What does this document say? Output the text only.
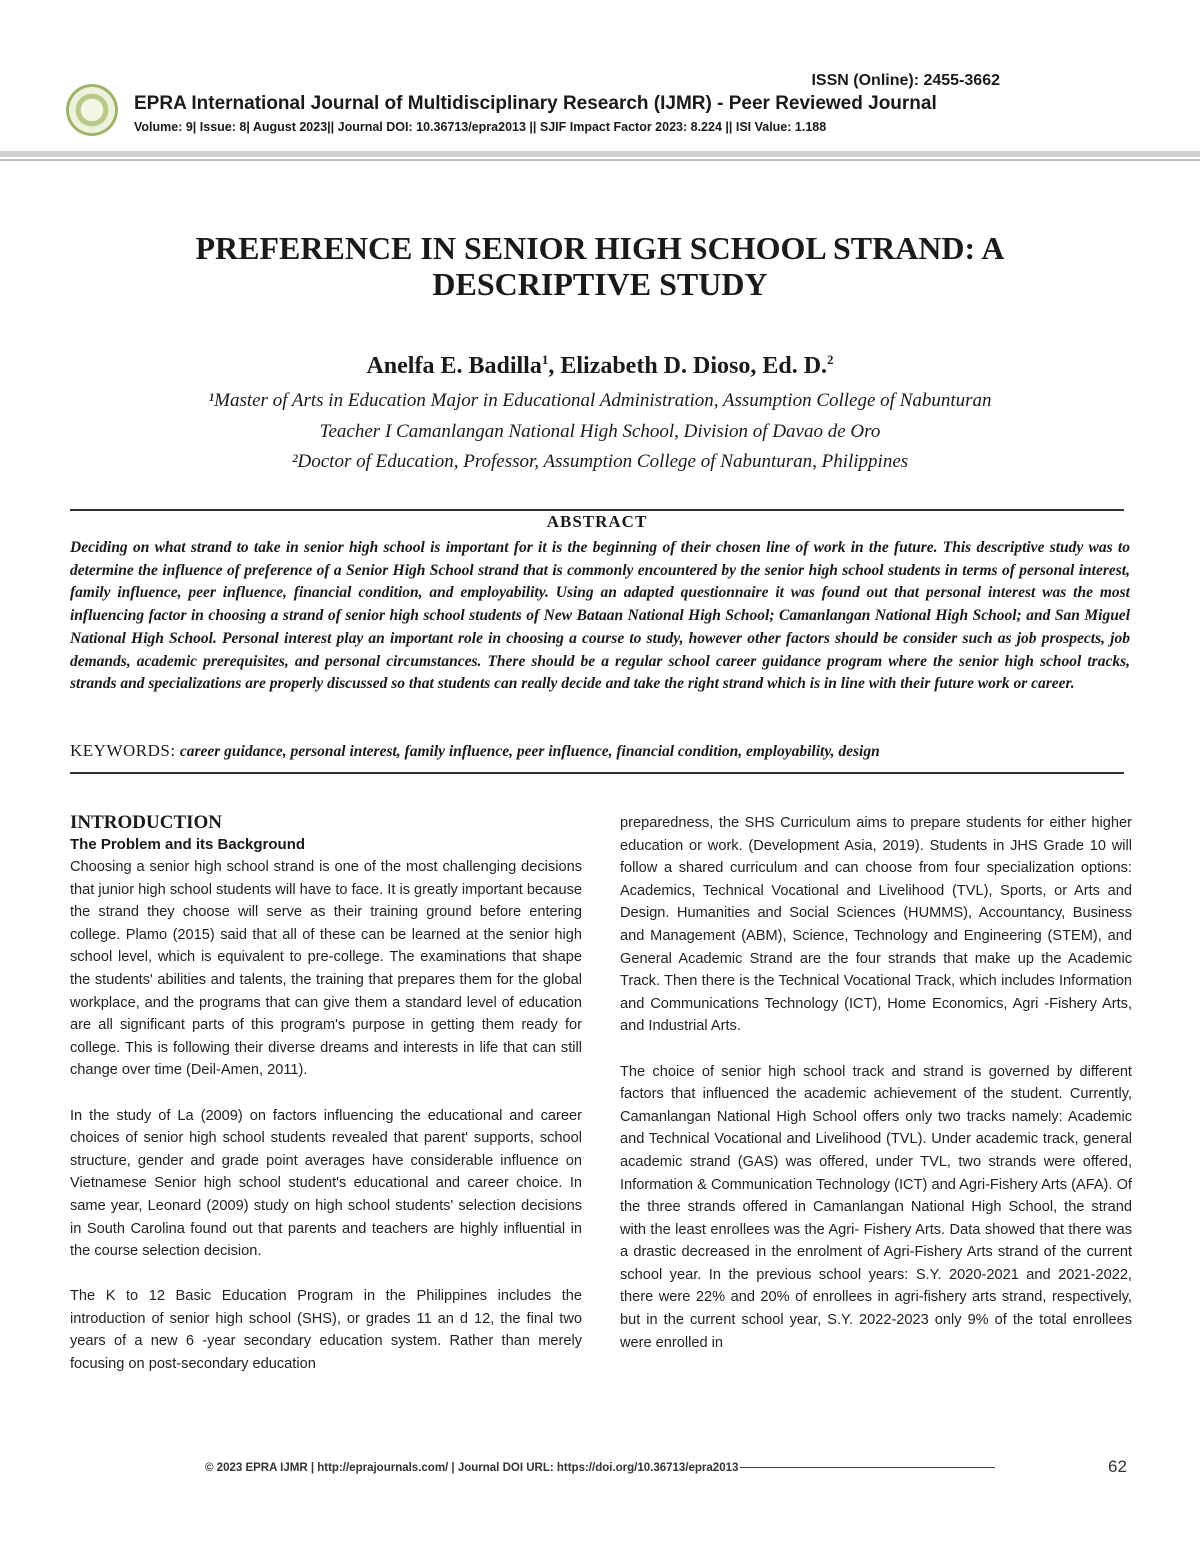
ISSN (Online): 2455-3662
EPRA International Journal of Multidisciplinary Research (IJMR) - Peer Reviewed Journal
Volume: 9| Issue: 8| August 2023|| Journal DOI: 10.36713/epra2013 || SJIF Impact Factor 2023: 8.224 || ISI Value: 1.188
PREFERENCE IN SENIOR HIGH SCHOOL STRAND: A
DESCRIPTIVE STUDY
Anelfa E. Badilla$^1$, Elizabeth D. Dioso, Ed. D.$^2$
¹Master of Arts in Education Major in Educational Administration, Assumption College of Nabunturan
Teacher I Camanlangan National High School, Division of Davao de Oro
²Doctor of Education, Professor, Assumption College of Nabunturan, Philippines
ABSTRACT
Deciding on what strand to take in senior high school is important for it is the beginning of their chosen line of work in the future. This descriptive study was to determine the influence of preference of a Senior High School strand that is commonly encountered by the senior high school students in terms of personal interest, family influence, peer influence, financial condition, and employability. Using an adapted questionnaire it was found out that personal interest was the most influencing factor in choosing a strand of senior high school students of New Bataan National High School; Camanlangan National High School; and San Miguel National High School. Personal interest play an important role in choosing a course to study, however other factors should be consider such as job prospects, job demands, academic prerequisites, and personal circumstances. There should be a regular school career guidance program where the senior high school tracks, strands and specializations are properly discussed so that students can really decide and take the right strand which is in line with their future work or career.
KEYWORDS: career guidance, personal interest, family influence, peer influence, financial condition, employability, design
INTRODUCTION
The Problem and its Background

Choosing a senior high school strand is one of the most challenging decisions that junior high school students will have to face. It is greatly important because the strand they choose will serve as their training ground before entering college. Plamo (2015) said that all of these can be learned at the senior high school level, which is equivalent to pre-college. The examinations that shape the students' abilities and talents, the training that prepares them for the global workplace, and the programs that can give them a standard level of education are all significant parts of this program's purpose in getting them ready for college. This is following their diverse dreams and interests in life that can still change over time (Deil-Amen, 2011).

In the study of La (2009) on factors influencing the educational and career choices of senior high school students revealed that parent' supports, school structure, gender and grade point averages have considerable influence on Vietnamese Senior high school student's educational and career choice. In same year, Leonard (2009) study on high school students' selection decisions in South Carolina found out that parents and teachers are highly influential in the course selection decision.

The K to 12 Basic Education Program in the Philippines includes the introduction of senior high school (SHS), or grades 11 an d 12, the final two years of a new 6 -year secondary education system. Rather than merely focusing on post-secondary education

preparedness, the SHS Curriculum aims to prepare students for either higher education or work. (Development Asia, 2019). Students in JHS Grade 10 will follow a shared curriculum and can choose from four specialization options: Academics, Technical Vocational and Livelihood (TVL), Sports, or Arts and Design. Humanities and Social Sciences (HUMMS), Accountancy, Business and Management (ABM), Science, Technology and Engineering (STEM), and General Academic Strand are the four strands that make up the Academic Track. Then there is the Technical Vocational Track, which includes Information and Communications Technology (ICT), Home Economics, Agri -Fishery Arts, and Industrial Arts.

The choice of senior high school track and strand is governed by different factors that influenced the academic achievement of the student. Currently, Camanlangan National High School offers only two tracks namely: Academic and Technical Vocational and Livelihood (TVL). Under academic track, general academic strand (GAS) was offered, under TVL, two strands were offered, Information & Communication Technology (ICT) and Agri-Fishery Arts (AFA). Of the three strands offered in Camanlangan National High School, the strand with the least enrollees was the Agri- Fishery Arts. Data showed that there was a drastic decreased in the enrolment of Agri-Fishery Arts strand of the current school year. In the previous school years: S.Y. 2020-2021 and 2021-2022, there were 22% and 20% of enrollees in agri-fishery arts strand, respectively, but in the current school year, S.Y. 2022-2023 only 9% of the total enrollees were enrolled in

© 2023 EPRA IJMR | http://eprajournals.com/ | Journal DOI URL: https://doi.org/10.36713/epra2013	62
